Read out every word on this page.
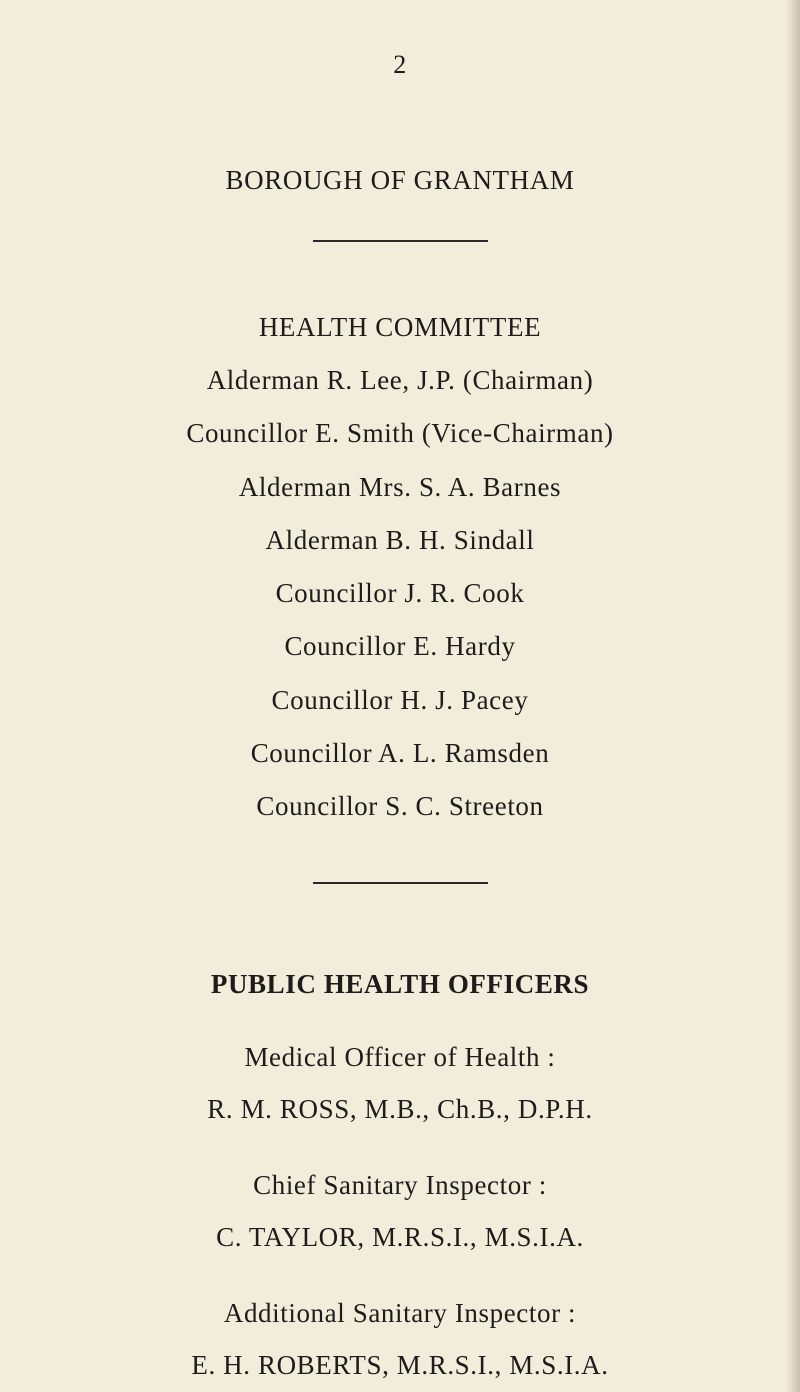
2
BOROUGH OF GRANTHAM
HEALTH COMMITTEE
Alderman R. Lee, J.P. (Chairman)
Councillor E. Smith (Vice-Chairman)
Alderman Mrs. S. A. Barnes
Alderman B. H. Sindall
Councillor J. R. Cook
Councillor E. Hardy
Councillor H. J. Pacey
Councillor A. L. Ramsden
Councillor S. C. Streeton
PUBLIC HEALTH OFFICERS
Medical Officer of Health :
R. M. ROSS, M.B., Ch.B., D.P.H.
Chief Sanitary Inspector :
C. TAYLOR, M.R.S.I., M.S.I.A.
Additional Sanitary Inspector :
E. H. ROBERTS, M.R.S.I., M.S.I.A.
